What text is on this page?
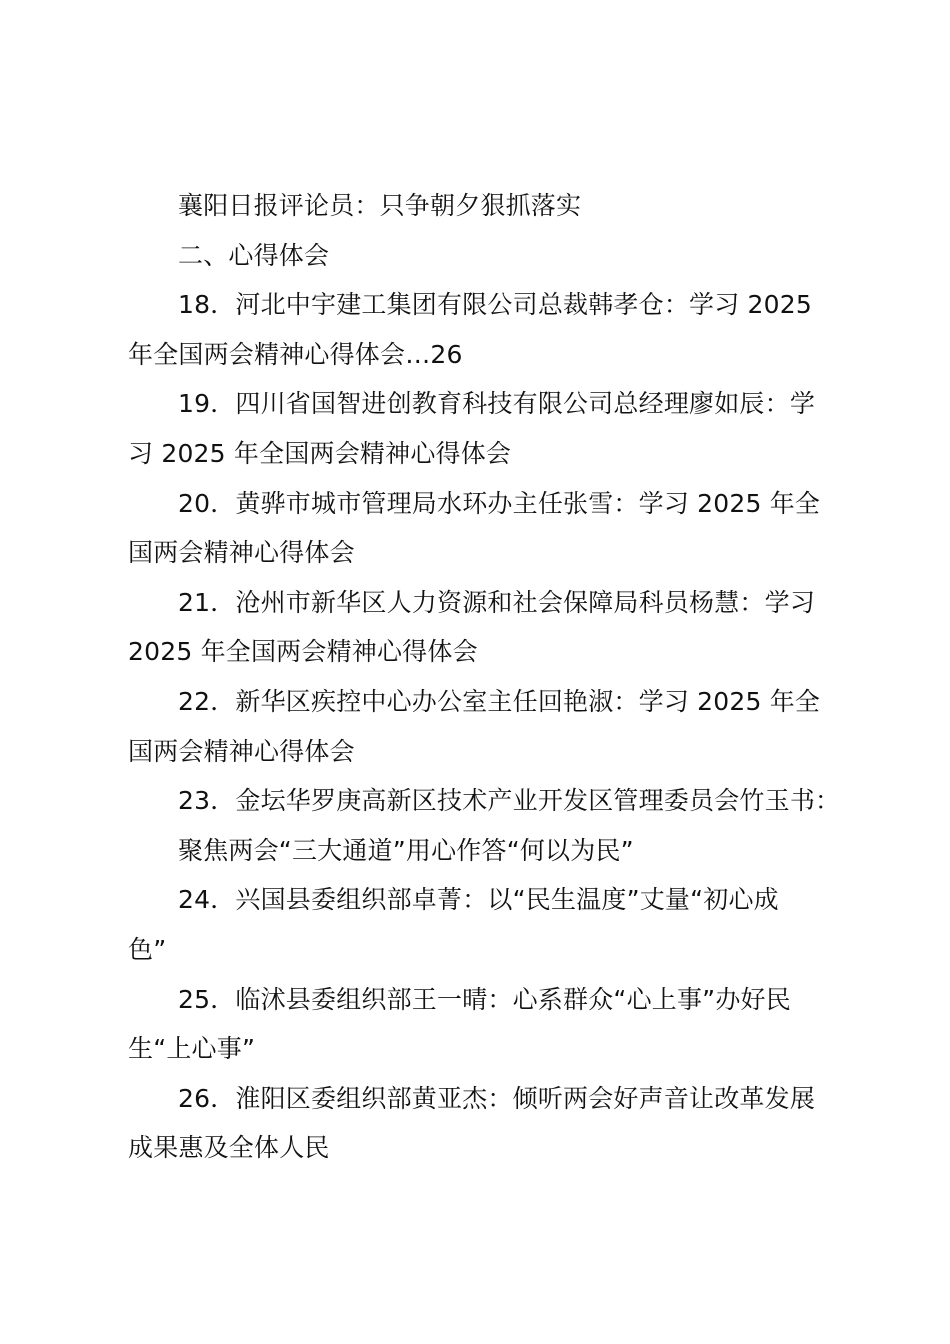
襄阳日报评论员：只争朝夕狠抓落实

二、心得体会

18．河北中宇建工集团有限公司总裁韩孝仓：学习 2025
年全国两会精神心得体会…26

19．四川省国智进创教育科技有限公司总经理廖如辰：学
习 2025 年全国两会精神心得体会

20．黄骅市城市管理局水环办主任张雪：学习 2025 年全
国两会精神心得体会

21．沧州市新华区人力资源和社会保障局科员杨慧：学习
2025 年全国两会精神心得体会

22．新华区疾控中心办公室主任回艳淑：学习 2025 年全
国两会精神心得体会

23．金坛华罗庚高新区技术产业开发区管理委员会竹玉书：
聚焦两会“三大通道”用心作答“何以为民”

24．兴国县委组织部卓菁：以“民生温度”丈量“初心成
色”

25．临沭县委组织部王一晴：心系群众“心上事”办好民
生“上心事”

26．淮阳区委组织部黄亚杰：倾听两会好声音让改革发展
成果惠及全体人民
